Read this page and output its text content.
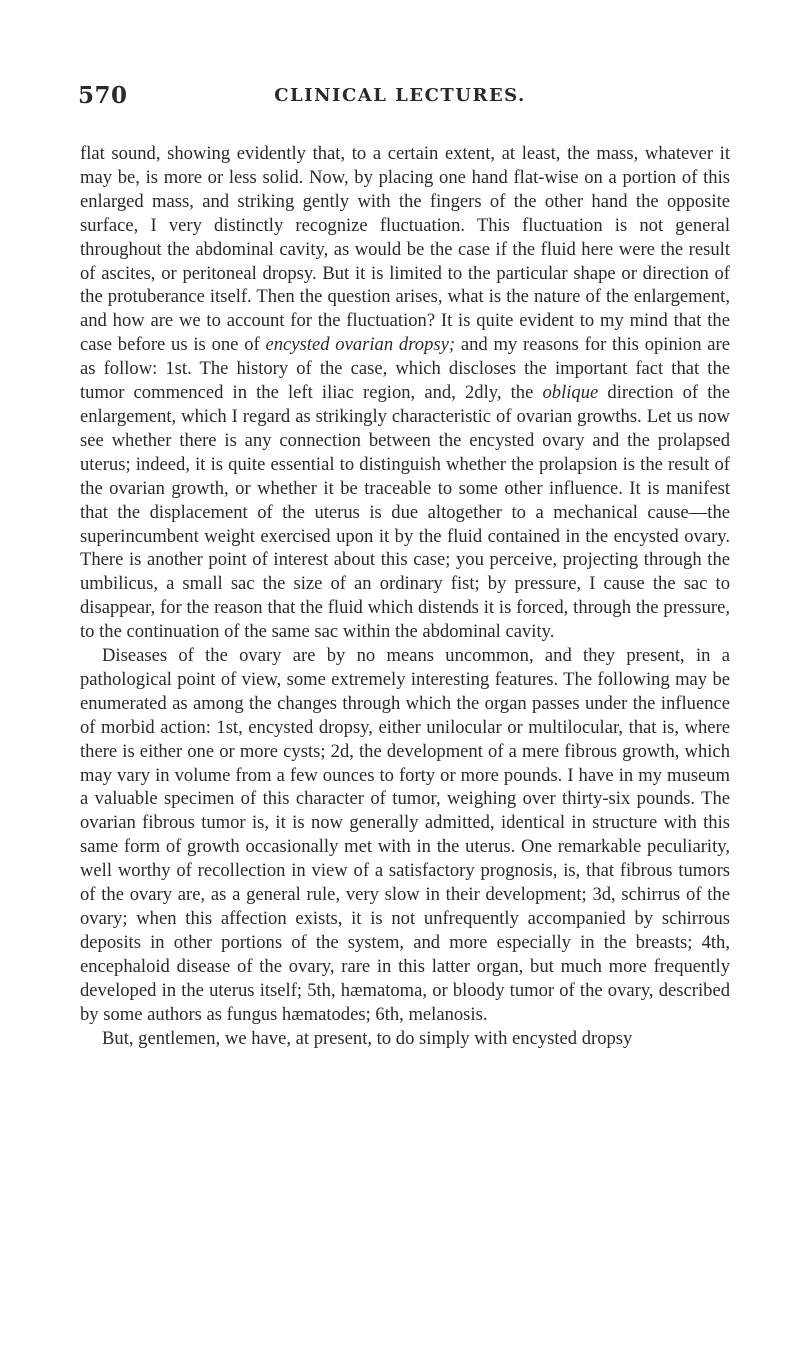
570	CLINICAL LECTURES.

flat sound, showing evidently that, to a certain extent, at least, the mass, whatever it may be, is more or less solid. Now, by placing one hand flat-wise on a portion of this enlarged mass, and striking gently with the fingers of the other hand the opposite surface, I very distinctly recognize fluctuation. This fluctuation is not general throughout the abdominal cavity, as would be the case if the fluid here were the result of ascites, or peritoneal dropsy. But it is limited to the particular shape or direction of the protuberance itself. Then the question arises, what is the nature of the enlargement, and how are we to account for the fluctuation? It is quite evident to my mind that the case before us is one of encysted ovarian dropsy; and my reasons for this opinion are as follow: 1st. The history of the case, which discloses the important fact that the tumor commenced in the left iliac region, and, 2dly, the oblique direction of the enlargement, which I regard as strikingly characteristic of ovarian growths. Let us now see whether there is any connection between the encysted ovary and the prolapsed uterus; indeed, it is quite essential to distinguish whether the prolapsion is the result of the ovarian growth, or whether it be traceable to some other influence. It is manifest that the displacement of the uterus is due altogether to a mechanical cause—the superincumbent weight exercised upon it by the fluid contained in the encysted ovary. There is another point of interest about this case; you perceive, projecting through the umbilicus, a small sac the size of an ordinary fist; by pressure, I cause the sac to disappear, for the reason that the fluid which distends it is forced, through the pressure, to the continuation of the same sac within the abdominal cavity.

Diseases of the ovary are by no means uncommon, and they present, in a pathological point of view, some extremely interesting features. The following may be enumerated as among the changes through which the organ passes under the influence of morbid action: 1st, encysted dropsy, either unilocular or multilocular, that is, where there is either one or more cysts; 2d, the development of a mere fibrous growth, which may vary in volume from a few ounces to forty or more pounds. I have in my museum a valuable specimen of this character of tumor, weighing over thirty-six pounds. The ovarian fibrous tumor is, it is now generally admitted, identical in structure with this same form of growth occasionally met with in the uterus. One remarkable peculiarity, well worthy of recollection in view of a satisfactory prognosis, is, that fibrous tumors of the ovary are, as a general rule, very slow in their development; 3d, schirrus of the ovary; when this affection exists, it is not unfrequently accompanied by schirrous deposits in other portions of the system, and more especially in the breasts; 4th, encephaloid disease of the ovary, rare in this latter organ, but much more frequently developed in the uterus itself; 5th, hæmatoma, or bloody tumor of the ovary, described by some authors as fungus hæmatodes; 6th, melanosis.

But, gentlemen, we have, at present, to do simply with encysted dropsy
